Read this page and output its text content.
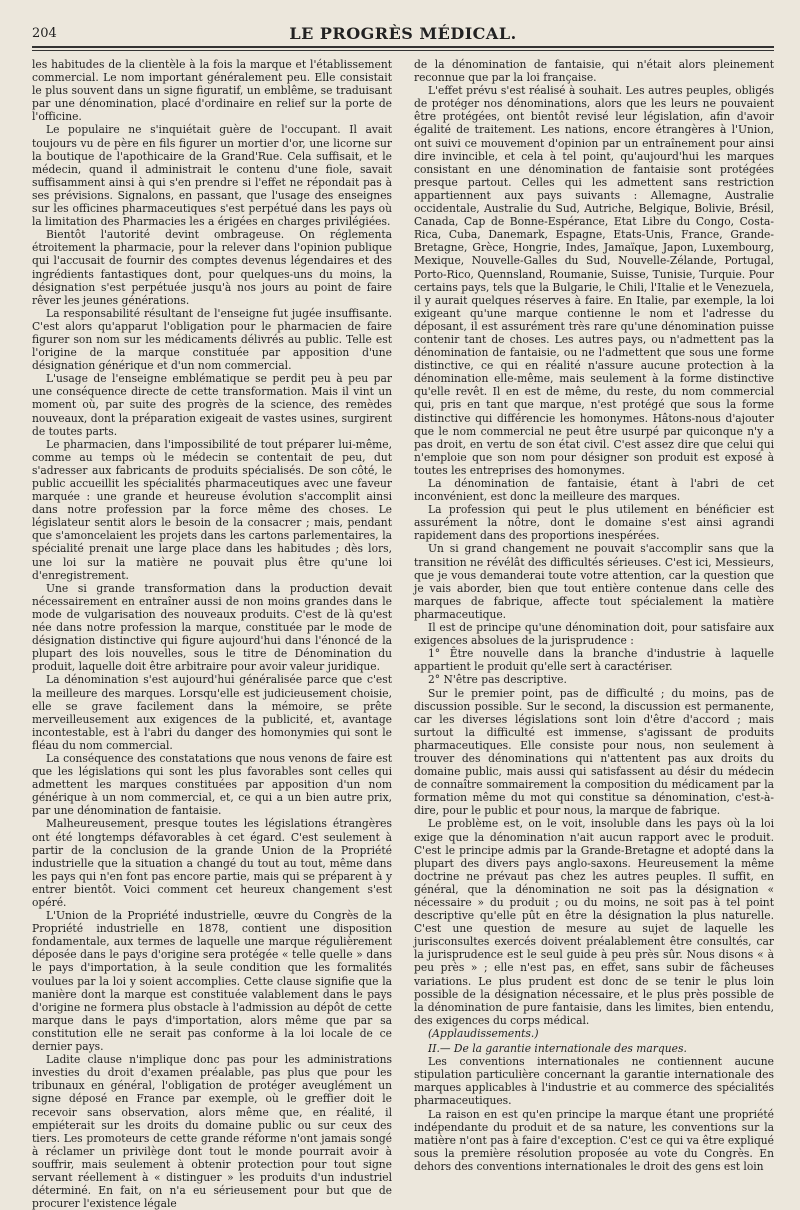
204	LE PROGRÈS MÉDICAL.

les habitudes de la clientèle à la fois la marque et l'établissement commercial. Le nom important généralement peu. Elle consistait le plus souvent dans un signe figuratif, un emblême, se traduisant par une dénomination, placé d'ordinaire en relief sur la porte de l'officine.

Le populaire ne s'inquiétait guère de l'occupant. Il avait toujours vu de père en fils figurer un mortier d'or, une licorne sur la boutique de l'apothicaire de la Grand'Rue. Cela suffisait, et le médecin, quand il administrait le contenu d'une fiole, savait suffisamment ainsi à qui s'en prendre si l'effet ne répondait pas à ses prévisions. Signalons, en passant, que l'usage des enseignes sur les officines pharmaceutiques s'est perpétué dans les pays où la limitation des Pharmacies les a érigées en charges privilégiées.

Bientôt l'autorité devint ombrageuse. On réglementa étroitement la pharmacie, pour la relever dans l'opinion publique qui l'accusait de fournir des comptes devenus légendaires et des ingrédients fantastiques dont, pour quelques-uns du moins, la désignation s'est perpétuée jusqu'à nos jours au point de faire rêver les jeunes générations.

La responsabilité résultant de l'enseigne fut jugée insuffisante. C'est alors qu'apparut l'obligation pour le pharmacien de faire figurer son nom sur les médicaments délivrés au public. Telle est l'origine de la marque constituée par apposition d'une désignation générique et d'un nom commercial.

L'usage de l'enseigne emblématique se perdit peu à peu par une conséquence directe de cette transformation. Mais il vint un moment où, par suite des progrès de la science, des remèdes nouveaux, dont la préparation exigeait de vastes usines, surgirent de toutes parts.

Le pharmacien, dans l'impossibilité de tout préparer lui-même, comme au temps où le médecin se contentait de peu, dut s'adresser aux fabricants de produits spécialisés. De son côté, le public accueillit les spécialités pharmaceutiques avec une faveur marquée : une grande et heureuse évolution s'accomplit ainsi dans notre profession par la force même des choses. Le législateur sentit alors le besoin de la consacrer ; mais, pendant que s'amoncelaient les projets dans les cartons parlementaires, la spécialité prenait une large place dans les habitudes ; dès lors, une loi sur la matière ne pouvait plus être qu'une loi d'enregistrement.

Une si grande transformation dans la production devait nécessairement en entraîner aussi de non moins grandes dans le mode de vulgarisation des nouveaux produits. C'est de là qu'est née dans notre profession la marque, constituée par le mode de désignation distinctive qui figure aujourd'hui dans l'énoncé de la plupart des lois nouvelles, sous le titre de Dénomination du produit, laquelle doit être arbitraire pour avoir valeur juridique.

La dénomination s'est aujourd'hui généralisée parce que c'est la meilleure des marques. Lorsqu'elle est judicieusement choisie, elle se grave facilement dans la mémoire, se prête merveilleusement aux exigences de la publicité, et, avantage incontestable, est à l'abri du danger des homonymies qui sont le fléau du nom commercial.

La conséquence des constatations que nous venons de faire est que les législations qui sont les plus favorables sont celles qui admettent les marques constituées par apposition d'un nom générique à un nom commercial, et, ce qui a un bien autre prix, par une dénomination de fantaisie.

Malheureusement, presque toutes les législations étrangères ont été longtemps défavorables à cet égard. C'est seulement à partir de la conclusion de la grande Union de la Propriété industrielle que la situation a changé du tout au tout, même dans les pays qui n'en font pas encore partie, mais qui se préparent à y entrer bientôt. Voici comment cet heureux changement s'est opéré.

L'Union de la Propriété industrielle, œuvre du Congrès de la Propriété industrielle en 1878, contient une disposition fondamentale, aux termes de laquelle une marque régulièrement déposée dans le pays d'origine sera protégée « telle quelle » dans le pays d'importation, à la seule condition que les formalités voulues par la loi y soient accomplies. Cette clause signifie que la manière dont la marque est constituée valablement dans le pays d'origine ne formera plus obstacle à l'admission au dépôt de cette marque dans le pays d'importation, alors même que par sa constitution elle ne serait pas conforme à la loi locale de ce dernier pays.

Ladite clause n'implique donc pas pour les administrations investies du droit d'examen préalable, pas plus que pour les tribunaux en général, l'obligation de protéger aveuglément un signe déposé en France par exemple, où le greffier doit le recevoir sans observation, alors même que, en réalité, il empiéterait sur les droits du domaine public ou sur ceux des tiers. Les promoteurs de cette grande réforme n'ont jamais songé à réclamer un privilège dont tout le monde pourrait avoir à souffrir, mais seulement à obtenir protection pour tout signe servant réellement à « distinguer » les produits d'un industriel déterminé. En fait, on n'a eu sérieusement pour but que de procurer l'existence légale

de la dénomination de fantaisie, qui n'était alors pleinement reconnue que par la loi française.

L'effet prévu s'est réalisé à souhait. Les autres peuples, obligés de protéger nos dénominations, alors que les leurs ne pouvaient être protégées, ont bientôt revisé leur législation, afin d'avoir égalité de traitement. Les nations, encore étrangères à l'Union, ont suivi ce mouvement d'opinion par un entraînement pour ainsi dire invincible, et cela à tel point, qu'aujourd'hui les marques consistant en une dénomination de fantaisie sont protégées presque partout. Celles qui les admettent sans restriction appartiennent aux pays suivants : Allemagne, Australie occidentale, Australie du Sud, Autriche, Belgique, Bolivie, Brésil, Canada, Cap de Bonne-Espérance, Etat Libre du Congo, Costa-Rica, Cuba, Danemark, Espagne, Etats-Unis, France, Grande-Bretagne, Grèce, Hongrie, Indes, Jamaïque, Japon, Luxembourg, Mexique, Nouvelle-Galles du Sud, Nouvelle-Zélande, Portugal, Porto-Rico, Quennsland, Roumanie, Suisse, Tunisie, Turquie. Pour certains pays, tels que la Bulgarie, le Chili, l'Italie et le Venezuela, il y aurait quelques réserves à faire. En Italie, par exemple, la loi exigeant qu'une marque contienne le nom et l'adresse du déposant, il est assurément très rare qu'une dénomination puisse contenir tant de choses. Les autres pays, ou n'admettent pas la dénomination de fantaisie, ou ne l'admettent que sous une forme distinctive, ce qui en réalité n'assure aucune protection à la dénomination elle-même, mais seulement à la forme distinctive qu'elle revêt. Il en est de même, du reste, du nom commercial qui, pris en tant que marque, n'est protégé que sous la forme distinctive qui différencie les homonymes. Hâtons-nous d'ajouter que le nom commercial ne peut être usurpé par quiconque n'y a pas droit, en vertu de son état civil. C'est assez dire que celui qui n'emploie que son nom pour désigner son produit est exposé à toutes les entreprises des homonymes.

La dénomination de fantaisie, étant à l'abri de cet inconvénient, est donc la meilleure des marques.

La profession qui peut le plus utilement en bénéficier est assurément la nôtre, dont le domaine s'est ainsi agrandi rapidement dans des proportions inespérées.

Un si grand changement ne pouvait s'accomplir sans que la transition ne révélât des difficultés sérieuses. C'est ici, Messieurs, que je vous demanderai toute votre attention, car la question que je vais aborder, bien que tout entière contenue dans celle des marques de fabrique, affecte tout spécialement la matière pharmaceutique.

Il est de principe qu'une dénomination doit, pour satisfaire aux exigences absolues de la jurisprudence :

1° Être nouvelle dans la branche d'industrie à laquelle appartient le produit qu'elle sert à caractériser.

2° N'être pas descriptive.

Sur le premier point, pas de difficulté ; du moins, pas de discussion possible. Sur le second, la discussion est permanente, car les diverses législations sont loin d'être d'accord ; mais surtout la difficulté est immense, s'agissant de produits pharmaceutiques. Elle consiste pour nous, non seulement à trouver des dénominations qui n'attentent pas aux droits du domaine public, mais aussi qui satisfassent au désir du médecin de connaître sommairement la composition du médicament par la formation même du mot qui constitue sa dénomination, c'est-à-dire, pour le public et pour nous, la marque de fabrique.

Le problème est, on le voit, insoluble dans les pays où la loi exige que la dénomination n'ait aucun rapport avec le produit. C'est le principe admis par la Grande-Bretagne et adopté dans la plupart des divers pays anglo-saxons. Heureusement la même doctrine ne prévaut pas chez les autres peuples. Il suffit, en général, que la dénomination ne soit pas la désignation « nécessaire » du produit ; ou du moins, ne soit pas à tel point descriptive qu'elle pût en être la désignation la plus naturelle. C'est une question de mesure au sujet de laquelle les jurisconsultes exercés doivent préalablement être consultés, car la jurisprudence est le seul guide à peu près sûr. Nous disons « à peu près » ; elle n'est pas, en effet, sans subir de fâcheuses variations. Le plus prudent est donc de se tenir le plus loin possible de la désignation nécessaire, et le plus près possible de la dénomination de pure fantaisie, dans les limites, bien entendu, des exigences du corps médical.

(Applaudissements.)

II.— De la garantie internationale des marques.

Les conventions internationales ne contiennent aucune stipulation particulière concernant la garantie internationale des marques applicables à l'industrie et au commerce des spécialités pharmaceutiques.

La raison en est qu'en principe la marque étant une propriété indépendante du produit et de sa nature, les conventions sur la matière n'ont pas à faire d'exception. C'est ce qui va être expliqué sous la première résolution proposée au vote du Congrès. En dehors des conventions internationales le droit des gens est loin
